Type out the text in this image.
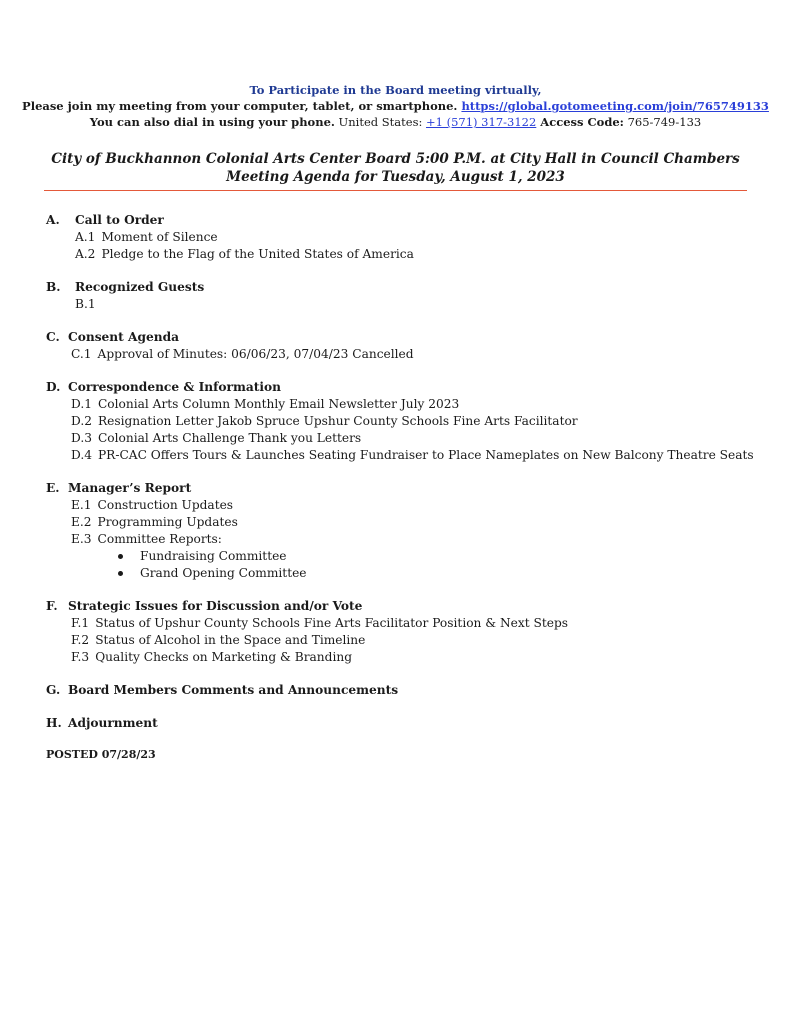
To Participate in the Board meeting virtually,
Please join my meeting from your computer, tablet, or smartphone. https://global.gotomeeting.com/join/765749133
You can also dial in using your phone. United States: +1 (571) 317-3122 Access Code: 765-749-133
City of Buckhannon Colonial Arts Center Board 5:00 P.M. at City Hall in Council Chambers
Meeting Agenda for Tuesday, August 1, 2023
A.	Call to Order
A.1 Moment of Silence
A.2 Pledge to the Flag of the United States of America
B.	Recognized Guests
B.1
C. Consent Agenda
C.1 Approval of Minutes: 06/06/23, 07/04/23 Cancelled
D. Correspondence & Information
D.1 Colonial Arts Column Monthly Email Newsletter July 2023
D.2 Resignation Letter Jakob Spruce Upshur County Schools Fine Arts Facilitator
D.3 Colonial Arts Challenge Thank you Letters
D.4 PR-CAC Offers Tours & Launches Seating Fundraiser to Place Nameplates on New Balcony Theatre Seats
E. Manager’s Report
E.1 Construction Updates
E.2 Programming Updates
E.3 Committee Reports:
Fundraising Committee
Grand Opening Committee
F. Strategic Issues for Discussion and/or Vote
F.1 Status of Upshur County Schools Fine Arts Facilitator Position & Next Steps
F.2 Status of Alcohol in the Space and Timeline
F.3 Quality Checks on Marketing & Branding
G. Board Members Comments and Announcements
H. Adjournment
POSTED 07/28/23
